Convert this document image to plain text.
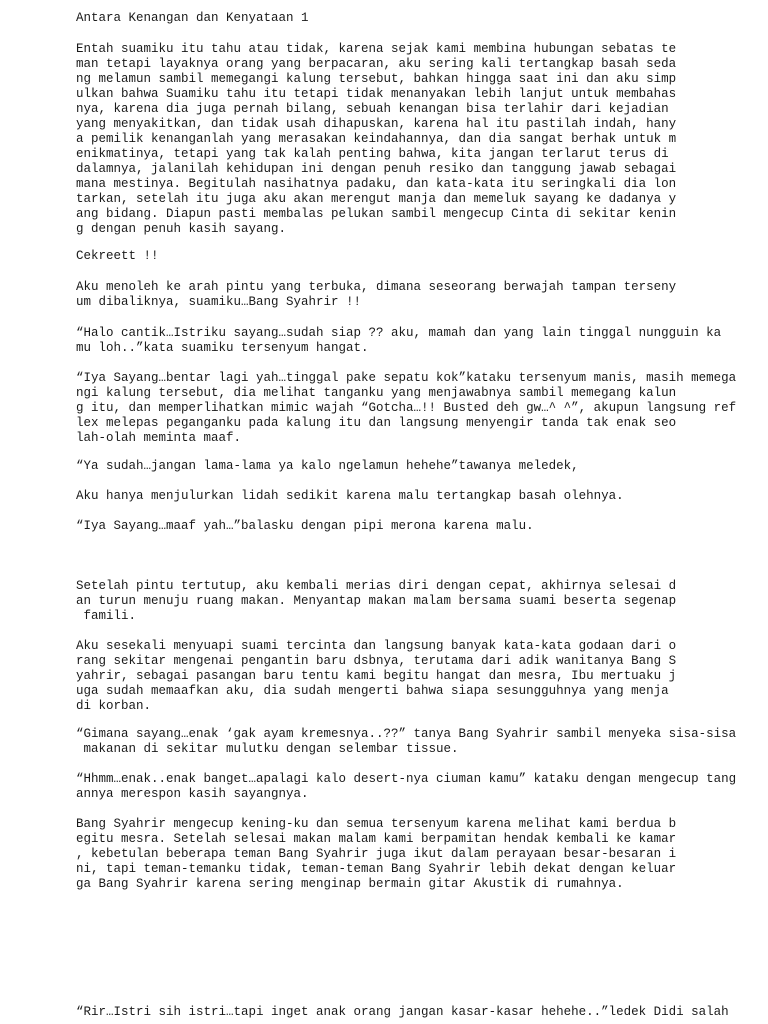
Antara Kenangan dan Kenyataan 1

Entah suamiku itu tahu atau tidak, karena sejak kami membina hubungan sebatas te
man tetapi layaknya orang yang berpacaran, aku sering kali tertangkap basah seda
ng melamun sambil memegangi kalung tersebut, bahkan hingga saat ini dan aku simp
ulkan bahwa Suamiku tahu itu tetapi tidak menanyakan lebih lanjut untuk membahas
nya, karena dia juga pernah bilang, sebuah kenangan bisa terlahir dari kejadian
yang menyakitkan, dan tidak usah dihapuskan, karena hal itu pastilah indah, hany
a pemilik kenanganlah yang merasakan keindahannya, dan dia sangat berhak untuk m
enikmatinya, tetapi yang tak kalah penting bahwa, kita jangan terlarut terus di
dalamnya, jalanilah kehidupan ini dengan penuh resiko dan tanggung jawab sebagai
mana mestinya. Begitulah nasihatnya padaku, dan kata-kata itu seringkali dia lon
tarkan, setelah itu juga aku akan merengut manja dan memeluk sayang ke dadanya y
ang bidang. Diapun pasti membalas pelukan sambil mengecup Cinta di sekitar kenin
g dengan penuh kasih sayang.

Cekreett !!

Aku menoleh ke arah pintu yang terbuka, dimana seseorang berwajah tampan terseny
um dibaliknya, suamiku…Bang Syahrir !!

“Halo cantik…Istriku sayang…sudah siap ?? aku, mamah dan yang lain tinggal nungguin ka
mu loh..”kata suamiku tersenyum hangat.

“Iya Sayang…bentar lagi yah…tinggal pake sepatu kok”kataku tersenyum manis, masih memega
ngi kalung tersebut, dia melihat tanganku yang menjawabnya sambil memegang kalun
g itu, dan memperlihatkan mimic wajah “Gotcha…!! Busted deh gw…^ ^”, akupun langsung ref
lex melepas peganganku pada kalung itu dan langsung menyengir tanda tak enak seo
lah-olah meminta maaf.

“Ya sudah…jangan lama-lama ya kalo ngelamun hehehe”tawanya meledek,

Aku hanya menjulurkan lidah sedikit karena malu tertangkap basah olehnya.

“Iya Sayang…maaf yah…”balasku dengan pipi merona karena malu.

Setelah pintu tertutup, aku kembali merias diri dengan cepat, akhirnya selesai d
an turun menuju ruang makan. Menyantap makan malam bersama suami beserta segenap
famili.

Aku sesekali menyuapi suami tercinta dan langsung banyak kata-kata godaan dari o
rang sekitar mengenai pengantin baru dsbnya, terutama dari adik wanitanya Bang S
yahrir, sebagai pasangan baru tentu kami begitu hangat dan mesra, Ibu mertuaku j
uga sudah memaafkan aku, dia sudah mengerti bahwa siapa sesungguhnya yang menja
di korban.

“Gimana sayang…enak ‘gak ayam kremesnya..??” tanya Bang Syahrir sambil menyeka sisa-sisa
makanan di sekitar mulutku dengan selembar tissue.

“Hhmm…enak..enak banget…apalagi kalo desert-nya ciuman kamu” kataku dengan mengecup tang
annya merespon kasih sayangnya.

Bang Syahrir mengecup kening-ku dan semua tersenyum karena melihat kami berdua b
egitu mesra. Setelah selesai makan malam kami berpamitan hendak kembali ke kamar
, kebetulan beberapa teman Bang Syahrir juga ikut dalam perayaan besar-besaran i
ni, tapi teman-temanku tidak, teman-teman Bang Syahrir lebih dekat dengan keluar
ga Bang Syahrir karena sering menginap bermain gitar Akustik di rumahnya.

“Rir…Istri sih istri…tapi inget anak orang jangan kasar-kasar hehehe..”ledek Didi salah
